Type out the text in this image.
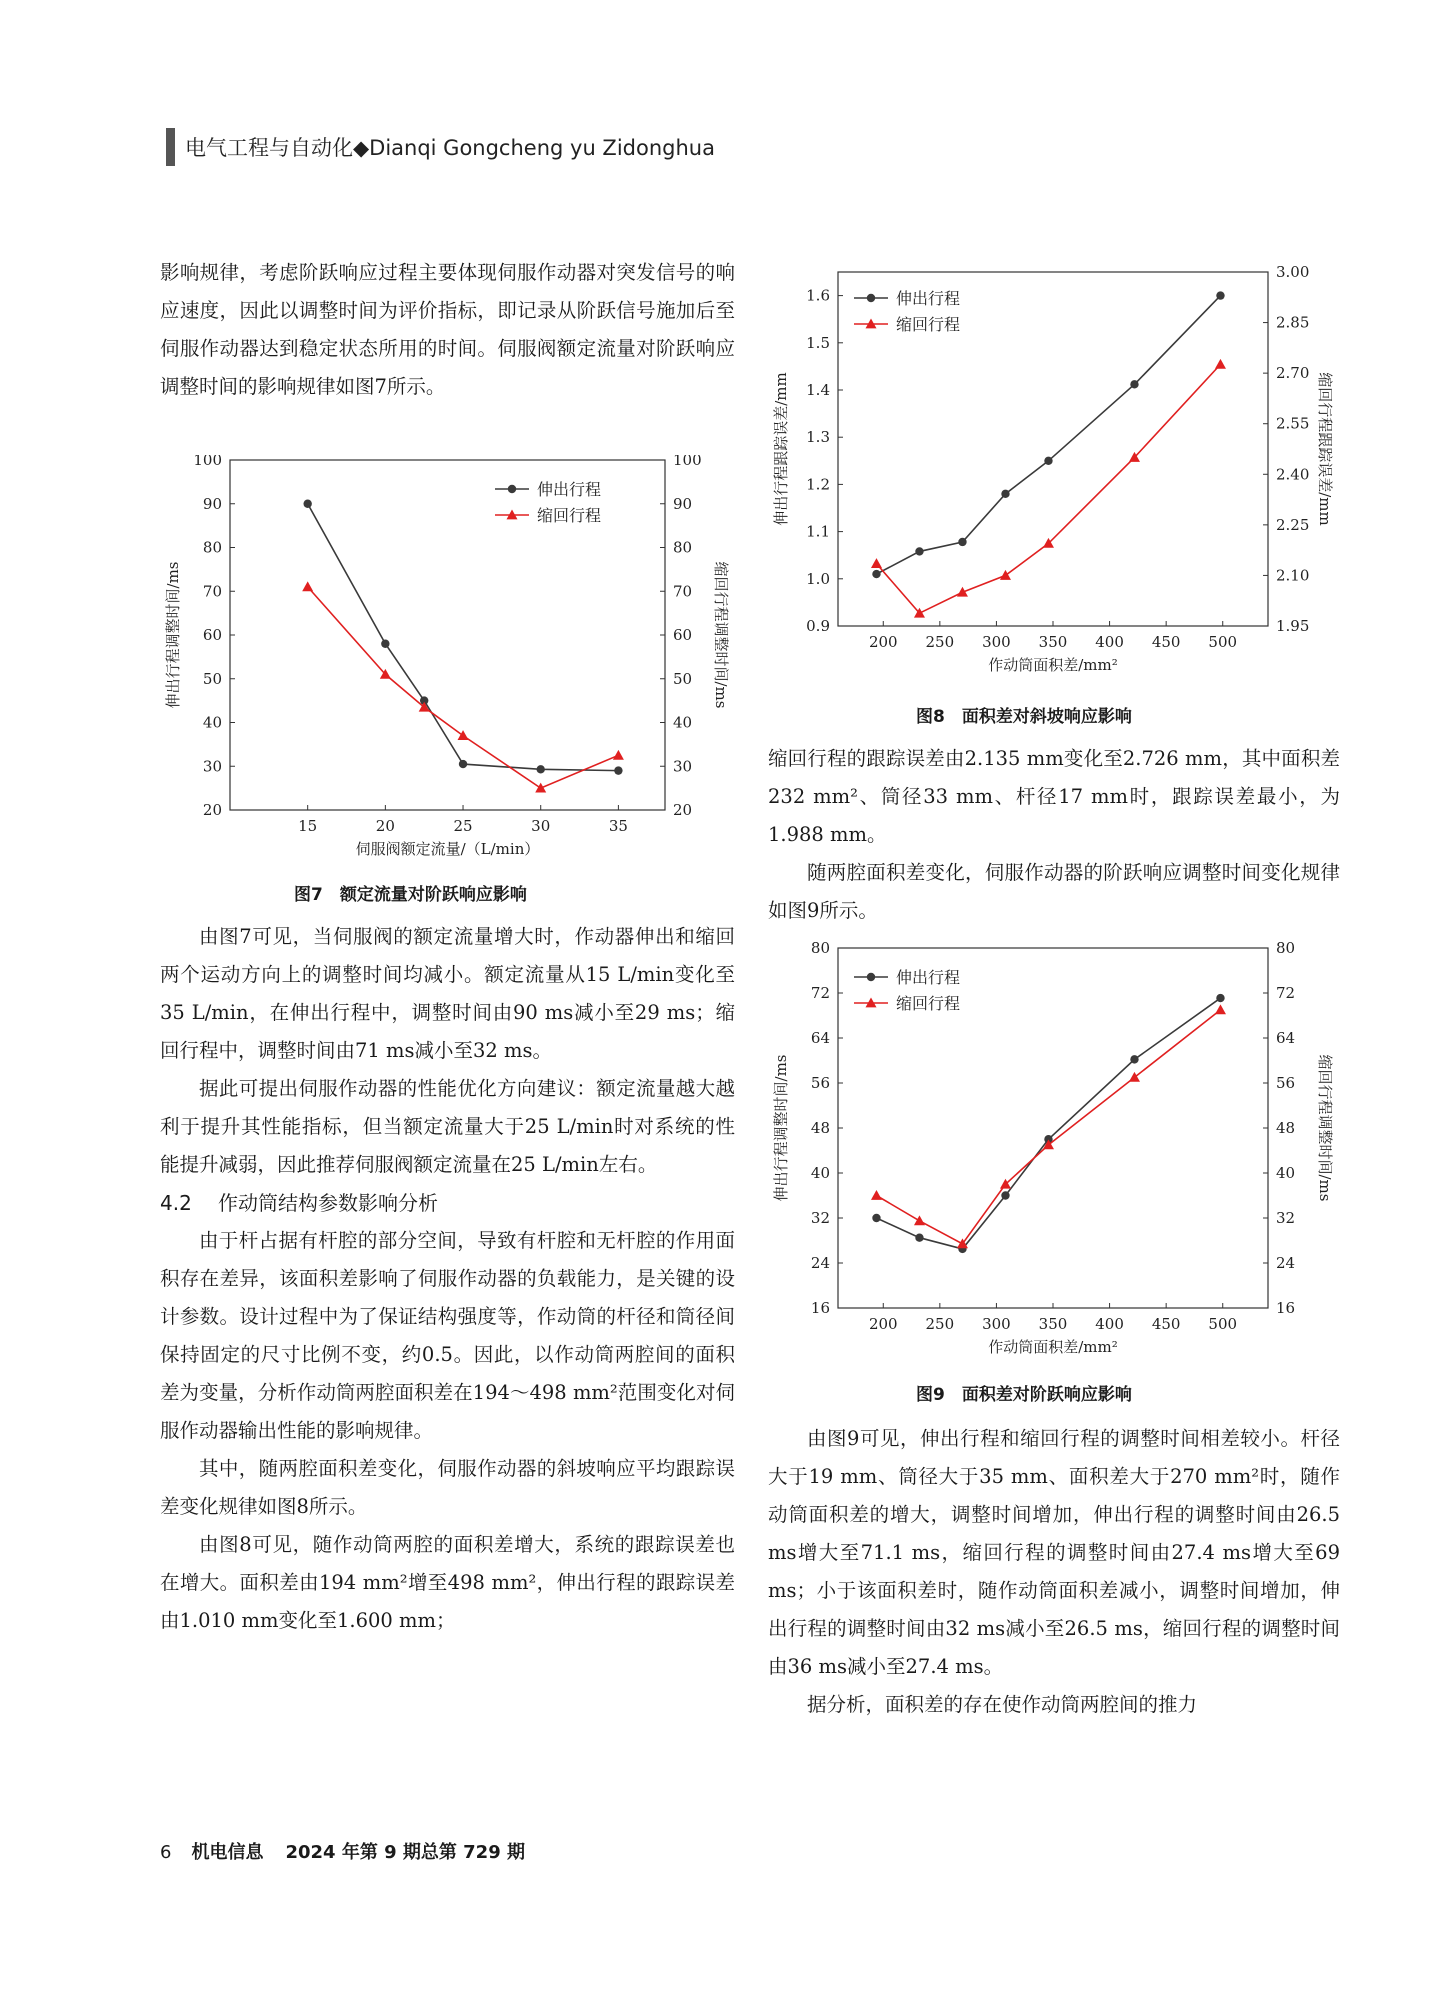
电气工程与自动化◆Dianqi Gongcheng yu Zidonghua

影响规律，考虑阶跃响应过程主要体现伺服作动器对突发信号的响应速度，因此以调整时间为评价指标，即记录从阶跃信号施加后至伺服作动器达到稳定状态所用的时间。伺服阀额定流量对阶跃响应调整时间的影响规律如图7所示。

15	20	25	30	35
20
30
40
50
60
70
80
90
100
20
30
40
50
60
70
80
90
100
伺服阀额定流量/（L/min）
伸出行程调整时间/ms	缩回行程调整时间/ms
伸出行程
缩回行程
图7　额定流量对阶跃响应影响

由图7可见，当伺服阀的额定流量增大时，作动器伸出和缩回两个运动方向上的调整时间均减小。额定流量从15 L/min变化至35 L/min，在伸出行程中，调整时间由90 ms减小至29 ms；缩回行程中，调整时间由71 ms减小至32 ms。

据此可提出伺服作动器的性能优化方向建议：额定流量越大越利于提升其性能指标，但当额定流量大于25 L/min时对系统的性能提升减弱，因此推荐伺服阀额定流量在25 L/min左右。

4.2 作动筒结构参数影响分析

由于杆占据有杆腔的部分空间，导致有杆腔和无杆腔的作用面积存在差异，该面积差影响了伺服作动器的负载能力，是关键的设计参数。设计过程中为了保证结构强度等，作动筒的杆径和筒径间保持固定的尺寸比例不变，约0.5。因此，以作动筒两腔间的面积差为变量，分析作动筒两腔面积差在194～498 mm²范围变化对伺服作动器输出性能的影响规律。

其中，随两腔面积差变化，伺服作动器的斜坡响应平均跟踪误差变化规律如图8所示。

由图8可见，随作动筒两腔的面积差增大，系统的跟踪误差也在增大。面积差由194 mm²增至498 mm²，伸出行程的跟踪误差由1.010 mm变化至1.600 mm；

200 250 300 350 400 450 500
0.9
1.0
1.1
1.2
1.3
1.4
1.5
1.6
1.95
2.10
2.25
2.40
2.55
2.70
2.85
3.00
作动筒面积差/mm²
伸出行程跟踪误差/mm	缩回行程跟踪误差/mm
伸出行程
缩回行程
图8　面积差对斜坡响应影响

缩回行程的跟踪误差由2.135 mm变化至2.726 mm，其中面积差232 mm²、筒径33 mm、杆径17 mm时，跟踪误差最小，为1.988 mm。

随两腔面积差变化，伺服作动器的阶跃响应调整时间变化规律如图9所示。

200 250 300 350 400 450 500
16
24
32
40
48
56
64
72
80
16
24
32
40
48
56
64
72
80
作动筒面积差/mm²
伸出行程调整时间/ms	缩回行程调整时间/ms
伸出行程
缩回行程
图9　面积差对阶跃响应影响

由图9可见，伸出行程和缩回行程的调整时间相差较小。杆径大于19 mm、筒径大于35 mm、面积差大于270 mm²时，随作动筒面积差的增大，调整时间增加，伸出行程的调整时间由26.5 ms增大至71.1 ms，缩回行程的调整时间由27.4 ms增大至69 ms；小于该面积差时，随作动筒面积差减小，调整时间增加，伸出行程的调整时间由32 ms减小至26.5 ms，缩回行程的调整时间由36 ms减小至27.4 ms。

据分析，面积差的存在使作动筒两腔间的推力

6 机电信息 2024 年第 9 期总第 729 期
